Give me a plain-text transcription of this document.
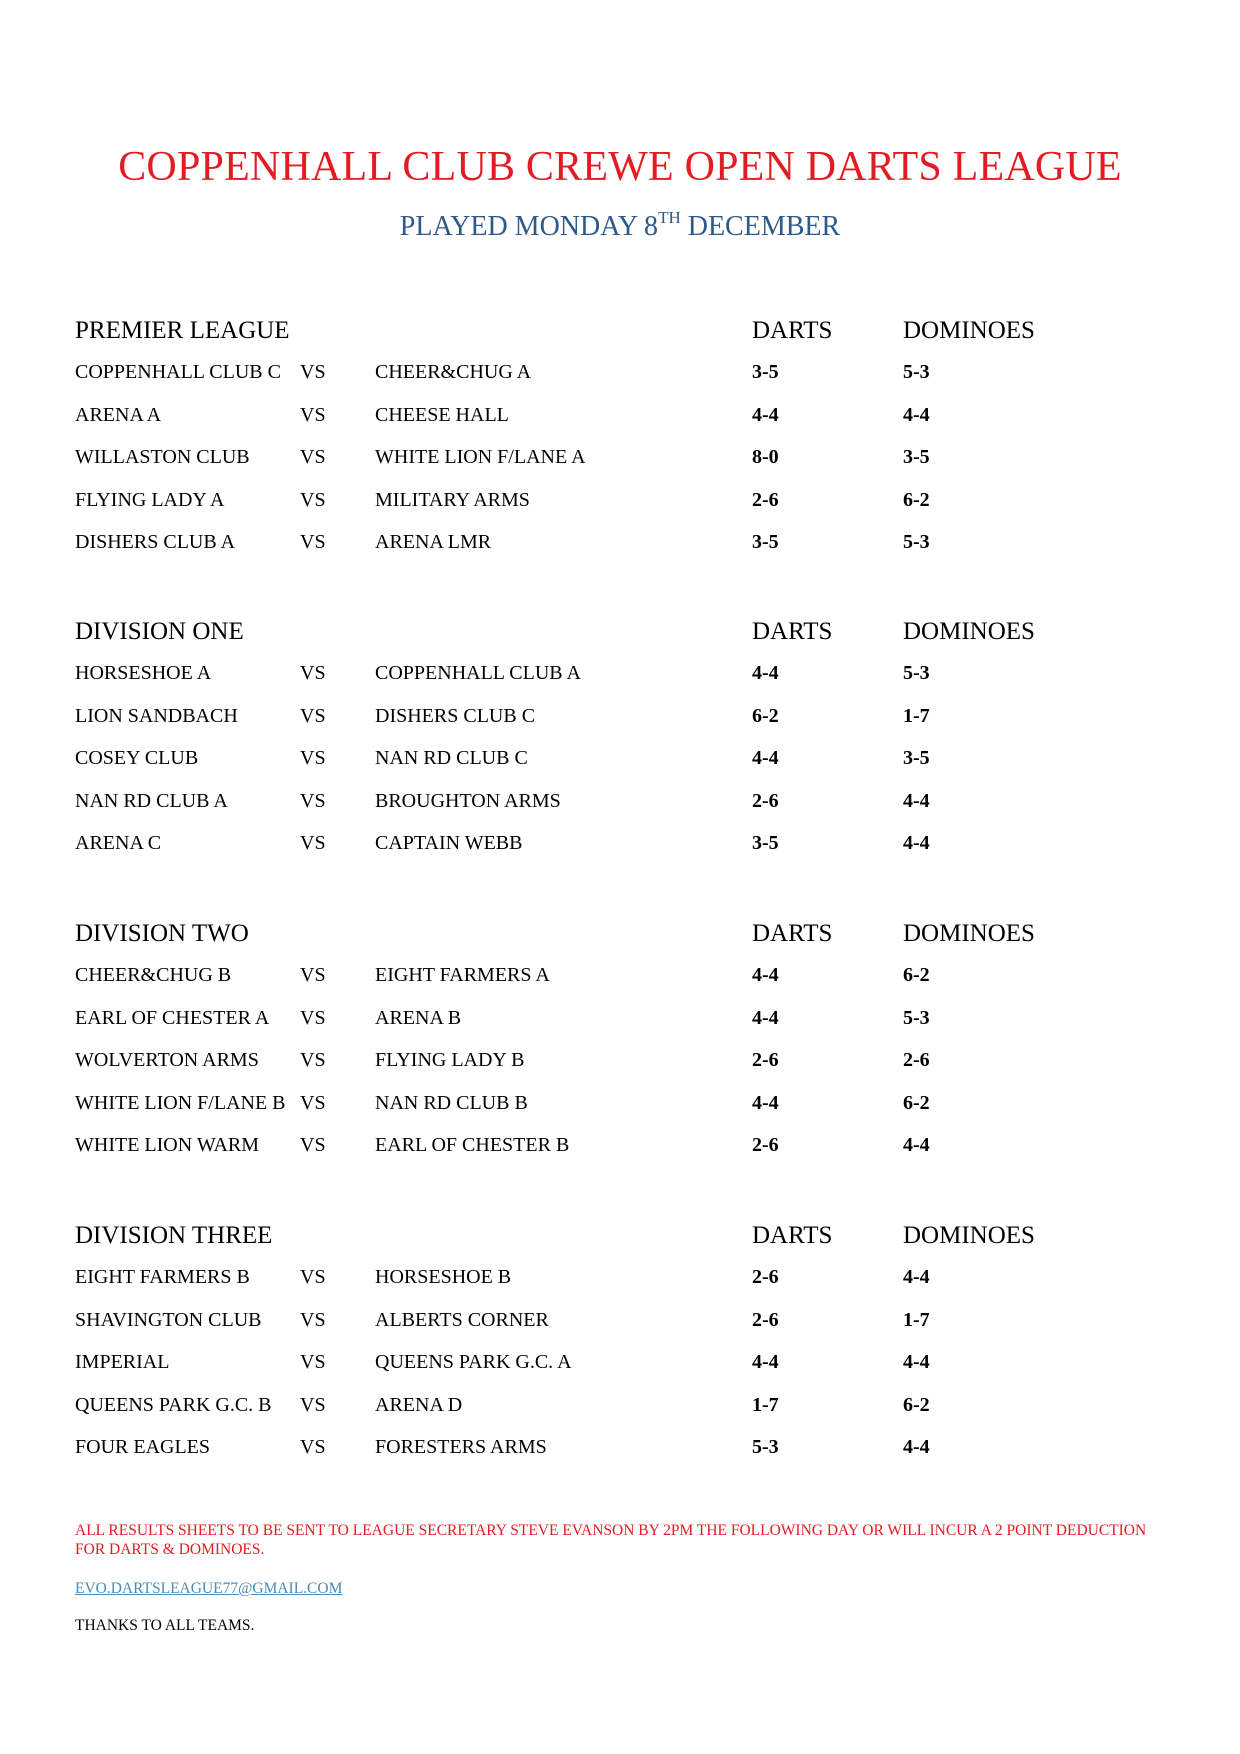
COPPENHALL CLUB CREWE OPEN DARTS LEAGUE
PLAYED MONDAY 8TH DECEMBER
PREMIER LEAGUE	DARTS	DOMINOES
COPPENHALL CLUB C VS CHEER&CHUG A	3-5	5-3
ARENA A	VS CHEESE HALL	4-4	4-4
WILLASTON CLUB	VS WHITE LION F/LANE A	8-0	3-5
FLYING LADY A	VS MILITARY ARMS	2-6	6-2
DISHERS CLUB A	VS ARENA LMR	3-5	5-3
DIVISION ONE	DARTS	DOMINOES
HORSESHOE A	VS COPPENHALL CLUB A	4-4	5-3
LION SANDBACH	VS DISHERS CLUB C	6-2	1-7
COSEY CLUB	VS NAN RD CLUB C	4-4	3-5
NAN RD CLUB A	VS BROUGHTON ARMS	2-6	4-4
ARENA C	VS CAPTAIN WEBB	3-5	4-4
DIVISION TWO	DARTS	DOMINOES
CHEER&CHUG B	VS EIGHT FARMERS A	4-4	6-2
EARL OF CHESTER A VS ARENA B	4-4	5-3
WOLVERTON ARMS VS FLYING LADY B	2-6	2-6
WHITE LION F/LANE B VS NAN RD CLUB B	4-4	6-2
WHITE LION WARM VS EARL OF CHESTER B	2-6	4-4
DIVISION THREE	DARTS	DOMINOES
EIGHT FARMERS B	VS HORSESHOE B	2-6	4-4
SHAVINGTON CLUB VS ALBERTS CORNER	2-6	1-7
IMPERIAL	VS QUEENS PARK G.C. A	4-4	4-4
QUEENS PARK G.C. B VS ARENA D	1-7	6-2
FOUR EAGLES	VS FORESTERS ARMS	5-3	4-4

ALL RESULTS SHEETS TO BE SENT TO LEAGUE SECRETARY STEVE EVANSON BY 2PM THE FOLLOWING DAY OR WILL INCUR A 2 POINT DEDUCTION FOR DARTS & DOMINOES.

EVO.DARTSLEAGUE77@GMAIL.COM
THANKS TO ALL TEAMS.
